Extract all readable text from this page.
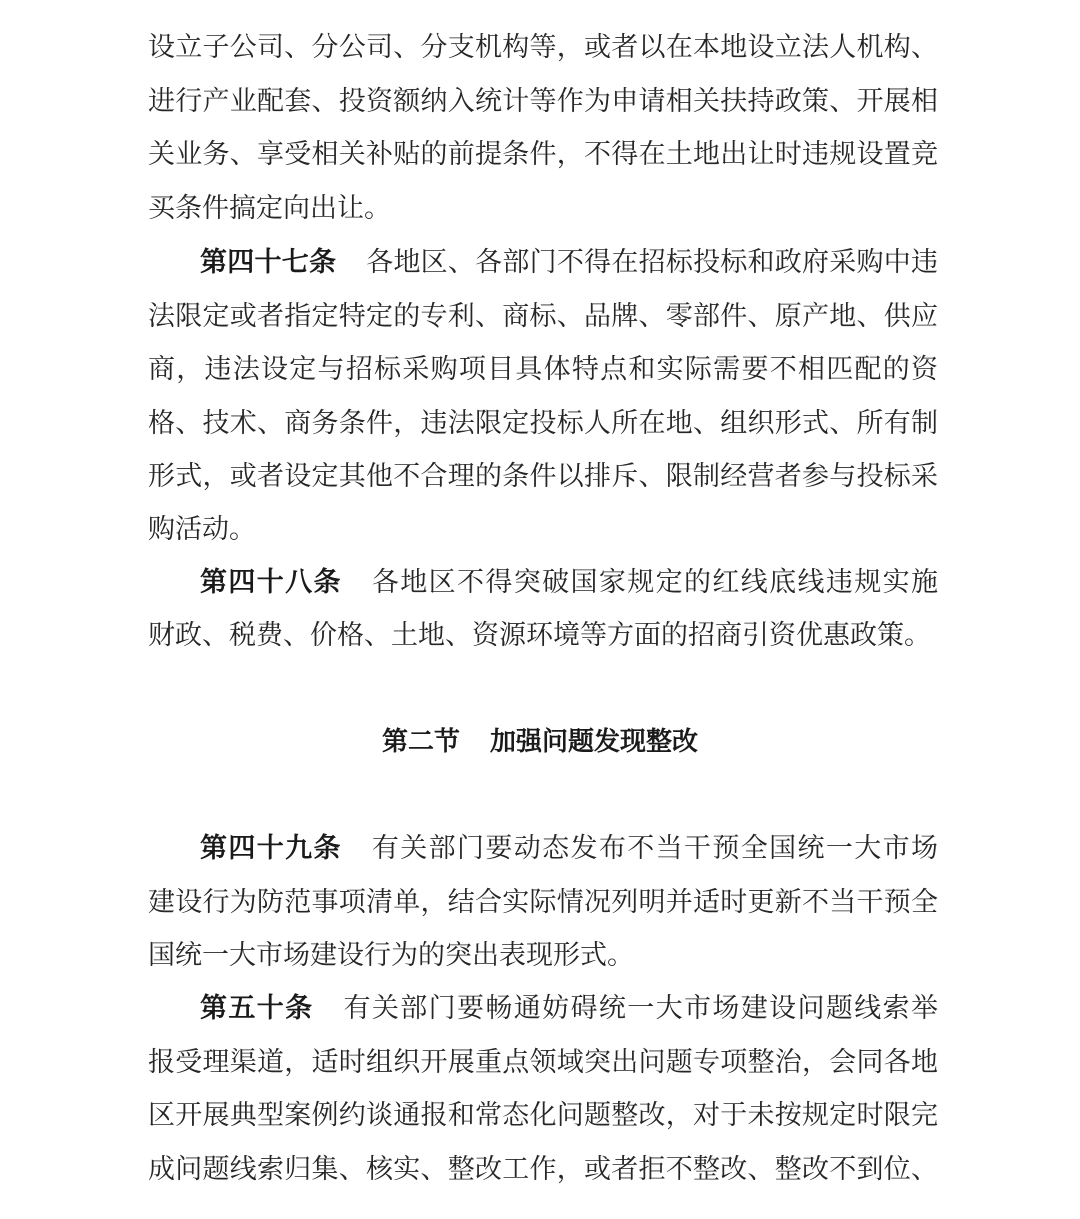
设立子公司、分公司、分支机构等，或者以在本地设立法人机构、
进行产业配套、投资额纳入统计等作为申请相关扶持政策、开展相
关业务、享受相关补贴的前提条件，不得在土地出让时违规设置竞
买条件搞定向出让。
第四十七条 各地区、各部门不得在招标投标和政府采购中违
法限定或者指定特定的专利、商标、品牌、零部件、原产地、供应
商，违法设定与招标采购项目具体特点和实际需要不相匹配的资
格、技术、商务条件，违法限定投标人所在地、组织形式、所有制
形式，或者设定其他不合理的条件以排斥、限制经营者参与投标采
购活动。
第四十八条 各地区不得突破国家规定的红线底线违规实施
财政、税费、价格、土地、资源环境等方面的招商引资优惠政策。
第二节 加强问题发现整改
第四十九条 有关部门要动态发布不当干预全国统一大市场
建设行为防范事项清单，结合实际情况列明并适时更新不当干预全
国统一大市场建设行为的突出表现形式。
第五十条 有关部门要畅通妨碍统一大市场建设问题线索举
报受理渠道，适时组织开展重点领域突出问题专项整治，会同各地
区开展典型案例约谈通报和常态化问题整改，对于未按规定时限完
成问题线索归集、核实、整改工作，或者拒不整改、整改不到位、
